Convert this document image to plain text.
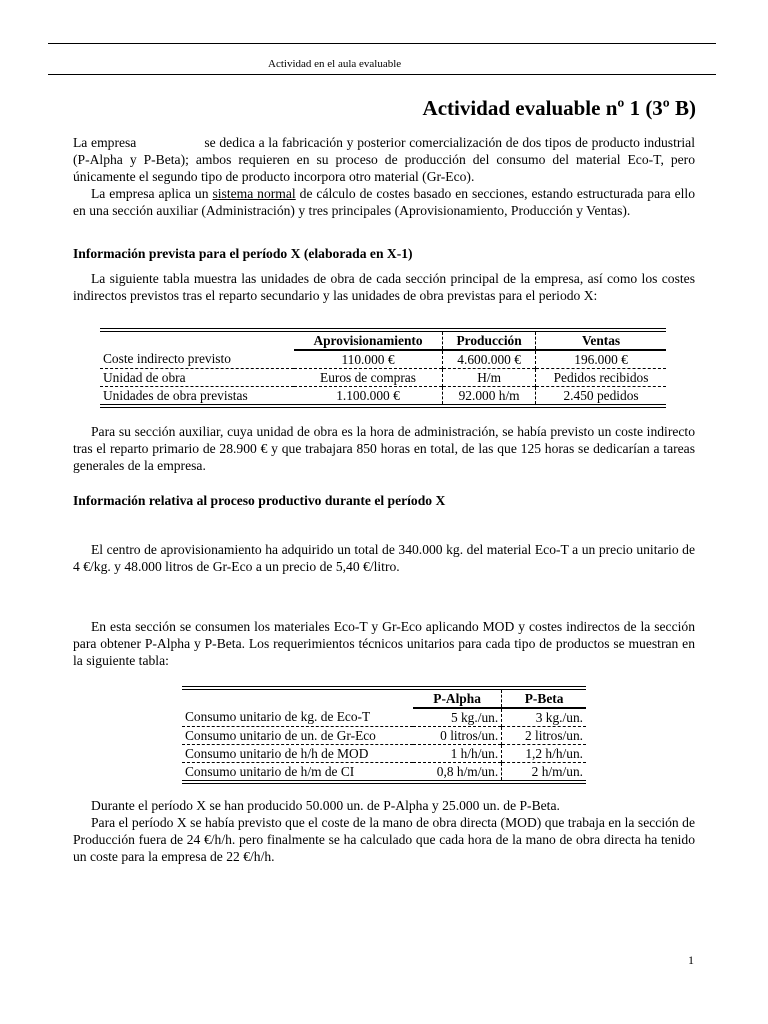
Actividad en el aula evaluable
Actividad evaluable nº 1 (3º B)

La empresa	se dedica a la fabricación y posterior comercialización de dos tipos de producto industrial (P-Alpha y P-Beta); ambos requieren en su proceso de producción del consumo del material Eco-T, pero únicamente el segundo tipo de producto incorpora otro material (Gr-Eco).

La empresa aplica un sistema normal de cálculo de costes basado en secciones, estando estructurada para ello en una sección auxiliar (Administración) y tres principales (Aprovisionamiento, Producción y Ventas).

Información prevista para el período X (elaborada en X-1)

La siguiente tabla muestra las unidades de obra de cada sección principal de la empresa, así como los costes indirectos previstos tras el reparto secundario y las unidades de obra previstas para el periodo X:

	Aprovisionamiento	Producción	Ventas
Coste indirecto previsto	110.000 €	4.600.000 €	196.000 €
Unidad de obra	Euros de compras	H/m	Pedidos recibidos
Unidades de obra previstas	1.100.000 €	92.000 h/m	2.450 pedidos

Para su sección auxiliar, cuya unidad de obra es la hora de administración, se había previsto un coste indirecto tras el reparto primario de 28.900 € y que trabajara 850 horas en total, de las que 125 horas se dedicarían a tareas generales de la empresa.

Información relativa al proceso productivo durante el período X

El centro de aprovisionamiento ha adquirido un total de 340.000 kg. del material Eco-T a un precio unitario de 4 €/kg. y 48.000 litros de Gr-Eco a un precio de 5,40 €/litro.

En esta sección se consumen los materiales Eco-T y Gr-Eco aplicando MOD y costes indirectos de la sección para obtener P-Alpha y P-Beta. Los requerimientos técnicos unitarios para cada tipo de productos se muestran en la siguiente tabla:

	P-Alpha	P-Beta
Consumo unitario de kg. de Eco-T	5 kg./un.	3 kg./un.
Consumo unitario de un. de Gr-Eco	0 litros/un.	2 litros/un.
Consumo unitario de h/h de MOD	1 h/h/un.	1,2 h/h/un.
Consumo unitario de h/m de CI	0,8 h/m/un.	2 h/m/un.

Durante el período X se han producido 50.000 un. de P-Alpha y 25.000 un. de P-Beta.

Para el período X se había previsto que el coste de la mano de obra directa (MOD) que trabaja en la sección de Producción fuera de 24 €/h/h. pero finalmente se ha calculado que cada hora de la mano de obra directa ha tenido un coste para la empresa de 22 €/h/h.

1
